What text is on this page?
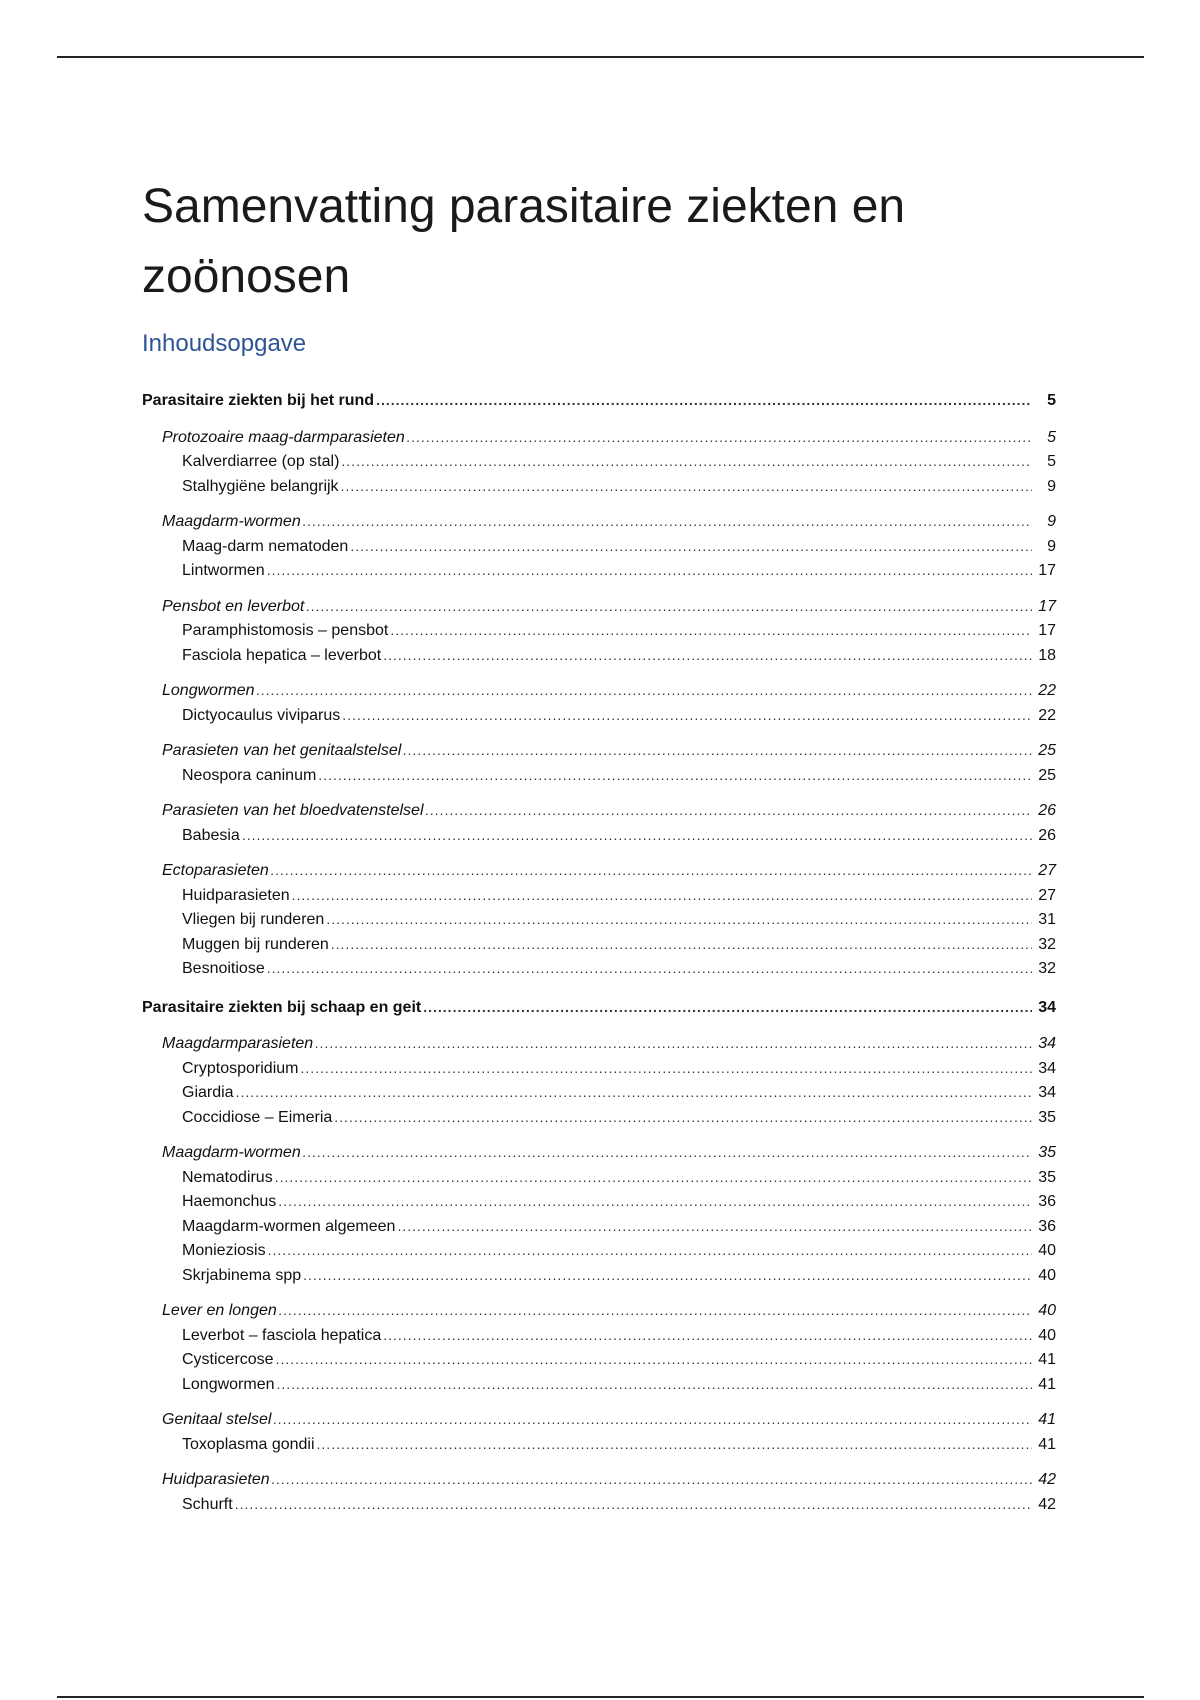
Samenvatting parasitaire ziekten en zoönosen
Inhoudsopgave
Parasitaire ziekten bij het rund .....	5
Protozoaire maag-darmparasieten .....	5
Kalverdiarree (op stal) .....	5
Stalhygiëne belangrijk .....	9
Maagdarm-wormen .....	9
Maag-darm nematoden .....	9
Lintwormen .....	17
Pensbot en leverbot .....	17
Paramphistomosis – pensbot .....	17
Fasciola hepatica – leverbot .....	18
Longwormen .....	22
Dictyocaulus viviparus .....	22
Parasieten van het genitaalstelsel .....	25
Neospora caninum .....	25
Parasieten van het bloedvatenstelsel .....	26
Babesia .....	26
Ectoparasieten .....	27
Huidparasieten .....	27
Vliegen bij runderen .....	31
Muggen bij runderen .....	32
Besnoitiose .....	32
Parasitaire ziekten bij schaap en geit .....	34
Maagdarmparasieten .....	34
Cryptosporidium .....	34
Giardia .....	34
Coccidiose – Eimeria .....	35
Maagdarm-wormen .....	35
Nematodirus .....	35
Haemonchus .....	36
Maagdarm-wormen algemeen .....	36
Monieziosis .....	40
Skrjabinema spp .....	40
Lever en longen .....	40
Leverbot – fasciola hepatica .....	40
Cysticercose .....	41
Longwormen .....	41
Genitaal stelsel .....	41
Toxoplasma gondii .....	41
Huidparasieten .....	42
Schurft .....	42
